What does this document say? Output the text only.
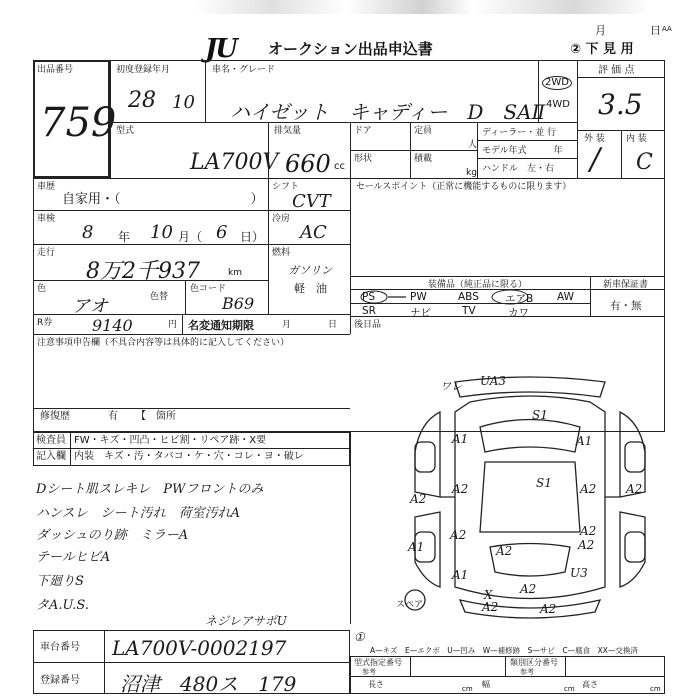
JU オークション出品申込書
月	日 AA
② 下 見 用
出品番号
759
初度登録年月
28 10
車名・グレード
ハイゼット　キャディー　D　SAⅡ
2WD
4WD
評 価 点
3.5
外 装 内 装
/ C
型式
LA700V
排気量
660 cc
ドア	定員
人
形状	積載
kg
ディーラー・並 行
モデル年式　　　年
ハンドル　左・右
車歴
自家用・（　　　　　　　　　　）
シフト
CVT
セールスポイント（正常に機能するものに限ります）
車検
8 年 10 月（ 6 日）
冷房
AC
走行
8万2千937	km
燃料
ガソリン
軽　油
色
アオ	色替
色コード
B69
装備品（純正品に限る）	新車保証書
PS	PW	ABS エアB AW
SR	ナビ	TV	カワ
有・無
R券 9140	円 名変通知期限	月	日 後日品
注意事項申告欄（不具合内容等は具体的に記入してください）
修復歴	有 【　箇所
検査員 FW・キズ・凹凸・ヒビ割・リペア跡・X要
記入欄 内装　キズ・汚・タバコ・ケ・穴・コレ・ヨ・破レ
Dシート肌スレキレ　PWフロントのみ
ハンスレ　シート汚れ　荷室汚れA
ダッシュのり跡　ミラーA
テールヒビA
下廻りS
タA.U.S.
ワレ UA3
S1
A1	A1
A2	A2
S1
A2
A2
A2	A2
A2	A2
A1
A1
U3
A2
A2	A2
X
スペア
ネジレアサポU
車台番号 LA700V-0002197
登録番号 沼津　480ス　179
①
A—キズ　E—エクボ　U—凹み　W—補修跡　S—サビ　C—腐食　XX—交換済
型式指定番号
参考
類別区分番号
参考
長さ	cm 幅	cm 高さ	cm
